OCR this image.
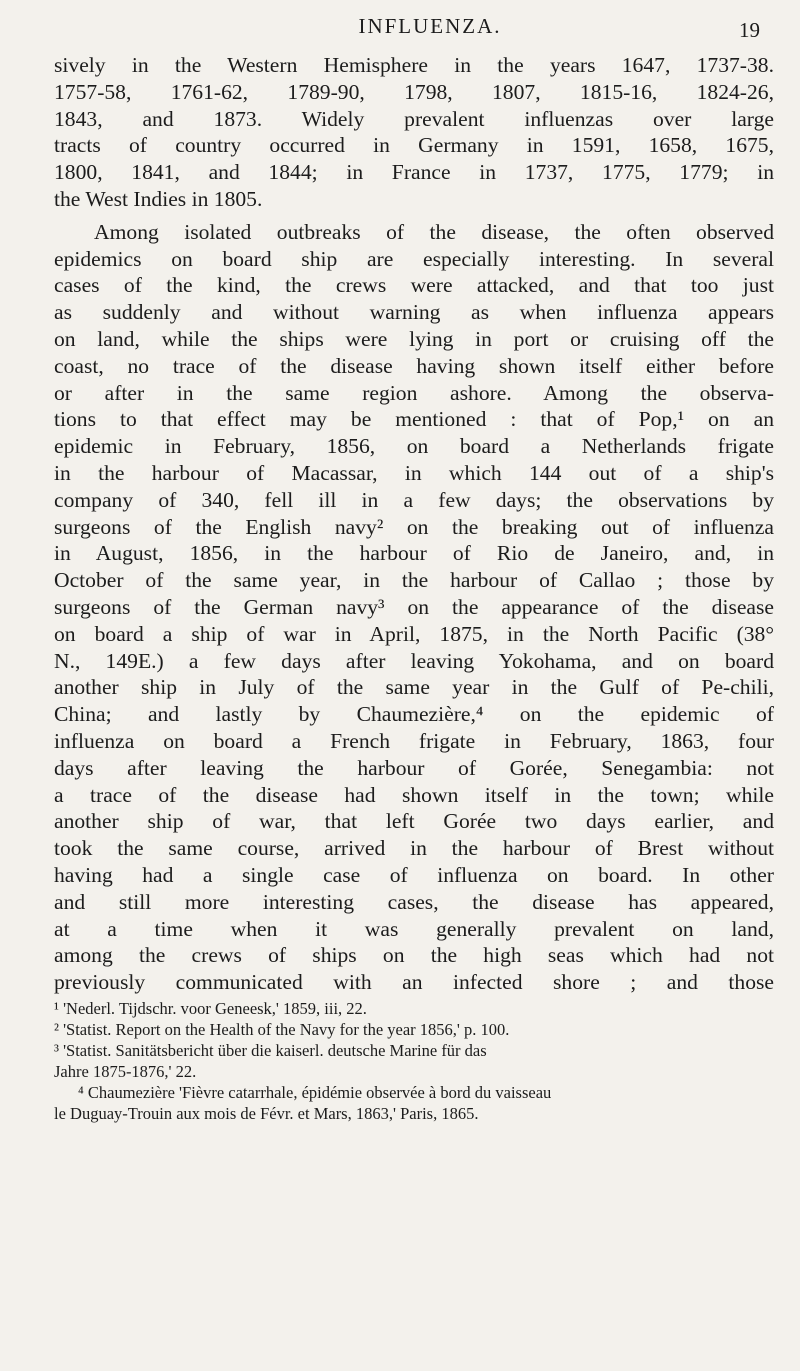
INFLUENZA.	19
sively in the Western Hemisphere in the years 1647, 1737-38.
1757-58, 1761-62, 1789-90, 1798, 1807, 1815-16, 1824-26,
1843, and 1873. Widely prevalent influenzas over large
tracts of country occurred in Germany in 1591, 1658, 1675,
1800, 1841, and 1844; in France in 1737, 1775, 1779; in
the West Indies in 1805.
Among isolated outbreaks of the disease, the often observed
epidemics on board ship are especially interesting. In several
cases of the kind, the crews were attacked, and that too just
as suddenly and without warning as when influenza appears
on land, while the ships were lying in port or cruising off the
coast, no trace of the disease having shown itself either before
or after in the same region ashore. Among the observa-
tions to that effect may be mentioned : that of Pop,¹ on an
epidemic in February, 1856, on board a Netherlands frigate
in the harbour of Macassar, in which 144 out of a ship's
company of 340, fell ill in a few days; the observations by
surgeons of the English navy² on the breaking out of influenza
in August, 1856, in the harbour of Rio de Janeiro, and, in
October of the same year, in the harbour of Callao ; those by
surgeons of the German navy³ on the appearance of the disease
on board a ship of war in April, 1875, in the North Pacific (38°
N., 149E.) a few days after leaving Yokohama, and on board
another ship in July of the same year in the Gulf of Pe-chili,
China; and lastly by Chaumezière,⁴ on the epidemic of
influenza on board a French frigate in February, 1863, four
days after leaving the harbour of Gorée, Senegambia: not
a trace of the disease had shown itself in the town; while
another ship of war, that left Gorée two days earlier, and
took the same course, arrived in the harbour of Brest without
having had a single case of influenza on board. In other
and still more interesting cases, the disease has appeared,
at a time when it was generally prevalent on land,
among the crews of ships on the high seas which had not
previously communicated with an infected shore ; and those
¹ 'Nederl. Tijdschr. voor Geneesk,' 1859, iii, 22.
² 'Statist. Report on the Health of the Navy for the year 1856,' p. 100.
³ 'Statist. Sanitätsbericht über die kaiserl. deutsche Marine für das
Jahre 1875-1876,' 22.
⁴ Chaumezière 'Fièvre catarrhale, épidémie observée à bord du vaisseau
le Duguay-Trouin aux mois de Févr. et Mars, 1863,' Paris, 1865.
